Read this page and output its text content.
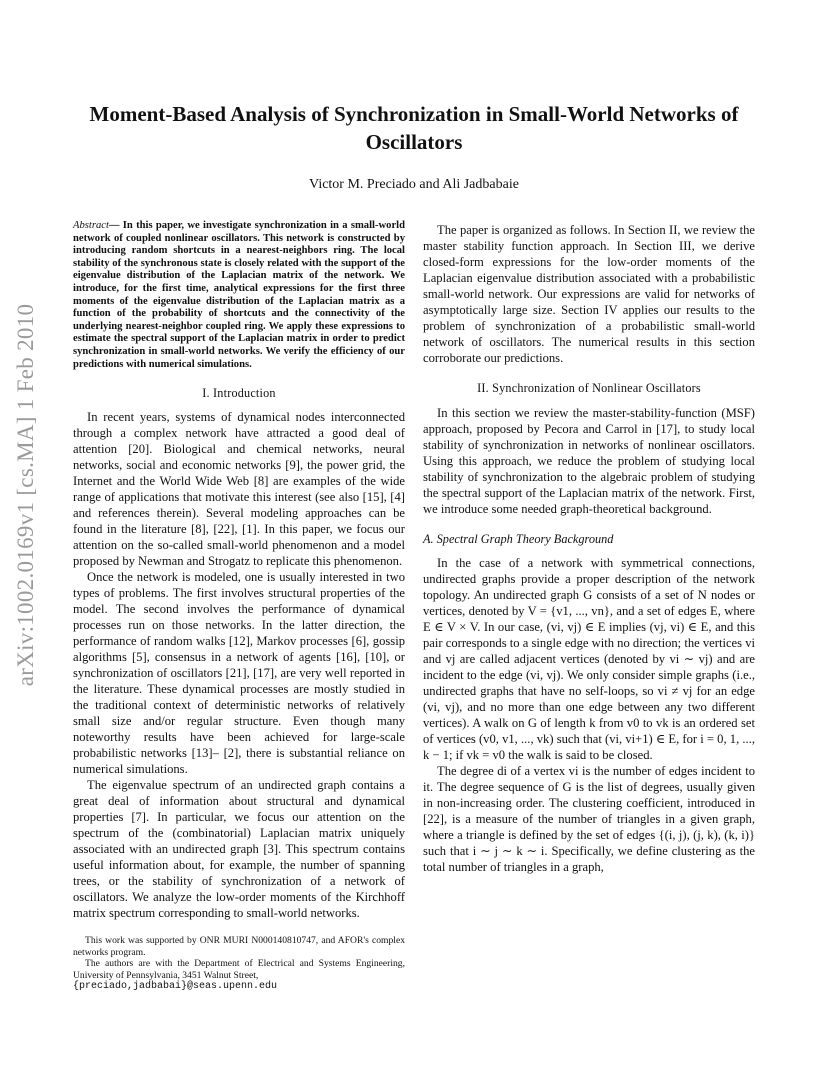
arXiv:1002.0169v1 [cs.MA] 1 Feb 2010
Moment-Based Analysis of Synchronization in Small-World Networks of Oscillators
Victor M. Preciado and Ali Jadbabaie
Abstract— In this paper, we investigate synchronization in a small-world network of coupled nonlinear oscillators. This network is constructed by introducing random shortcuts in a nearest-neighbors ring. The local stability of the synchronous state is closely related with the support of the eigenvalue distribution of the Laplacian matrix of the network. We introduce, for the first time, analytical expressions for the first three moments of the eigenvalue distribution of the Laplacian matrix as a function of the probability of shortcuts and the connectivity of the underlying nearest-neighbor coupled ring. We apply these expressions to estimate the spectral support of the Laplacian matrix in order to predict synchronization in small-world networks. We verify the efficiency of our predictions with numerical simulations.
I. Introduction

In recent years, systems of dynamical nodes interconnected through a complex network have attracted a good deal of attention [20]. Biological and chemical networks, neural networks, social and economic networks [9], the power grid, the Internet and the World Wide Web [8] are examples of the wide range of applications that motivate this interest (see also [15], [4] and references therein). Several modeling approaches can be found in the literature [8], [22], [1]. In this paper, we focus our attention on the so-called small-world phenomenon and a model proposed by Newman and Strogatz to replicate this phenomenon.

Once the network is modeled, one is usually interested in two types of problems. The first involves structural properties of the model. The second involves the performance of dynamical processes run on those networks. In the latter direction, the performance of random walks [12], Markov processes [6], gossip algorithms [5], consensus in a network of agents [16], [10], or synchronization of oscillators [21], [17], are very well reported in the literature. These dynamical processes are mostly studied in the traditional context of deterministic networks of relatively small size and/or regular structure. Even though many noteworthy results have been achieved for large-scale probabilistic networks [13]– [2], there is substantial reliance on numerical simulations.

The eigenvalue spectrum of an undirected graph contains a great deal of information about structural and dynamical properties [7]. In particular, we focus our attention on the spectrum of the (combinatorial) Laplacian matrix uniquely associated with an undirected graph [3]. This spectrum contains useful information about, for example, the number of spanning trees, or the stability of synchronization of a network of oscillators. We analyze the low-order moments of the Kirchhoff matrix spectrum corresponding to small-world networks.

The paper is organized as follows. In Section II, we review the master stability function approach. In Section III, we derive closed-form expressions for the low-order moments of the Laplacian eigenvalue distribution associated with a probabilistic small-world network. Our expressions are valid for networks of asymptotically large size. Section IV applies our results to the problem of synchronization of a probabilistic small-world network of oscillators. The numerical results in this section corroborate our predictions.

II. Synchronization of Nonlinear Oscillators

In this section we review the master-stability-function (MSF) approach, proposed by Pecora and Carrol in [17], to study local stability of synchronization in networks of nonlinear oscillators. Using this approach, we reduce the problem of studying local stability of synchronization to the algebraic problem of studying the spectral support of the Laplacian matrix of the network. First, we introduce some needed graph-theoretical background.

A. Spectral Graph Theory Background

In the case of a network with symmetrical connections, undirected graphs provide a proper description of the network topology. An undirected graph G consists of a set of N nodes or vertices, denoted by V = {v1, ..., vn}, and a set of edges E, where E ∈ V × V. In our case, (vi, vj) ∈ E implies (vj, vi) ∈ E, and this pair corresponds to a single edge with no direction; the vertices vi and vj are called adjacent vertices (denoted by vi ∼ vj) and are incident to the edge (vi, vj). We only consider simple graphs (i.e., undirected graphs that have no self-loops, so vi ≠ vj for an edge (vi, vj), and no more than one edge between any two different vertices). A walk on G of length k from v0 to vk is an ordered set of vertices (v0, v1, ..., vk) such that (vi, vi+1) ∈ E, for i = 0, 1, ..., k − 1; if vk = v0 the walk is said to be closed.

The degree di of a vertex vi is the number of edges incident to it. The degree sequence of G is the list of degrees, usually given in non-increasing order. The clustering coefficient, introduced in [22], is a measure of the number of triangles in a given graph, where a triangle is defined by the set of edges {(i, j), (j, k), (k, i)} such that i ∼ j ∼ k ∼ i. Specifically, we define clustering as the total number of triangles in a graph,

This work was supported by ONR MURI N000140810747, and AFOR's complex networks program.

The authors are with the Department of Electrical and Systems Engineering, University of Pennsylvania, 3451 Walnut Street,

{preciado,jadbabai}@seas.upenn.edu
